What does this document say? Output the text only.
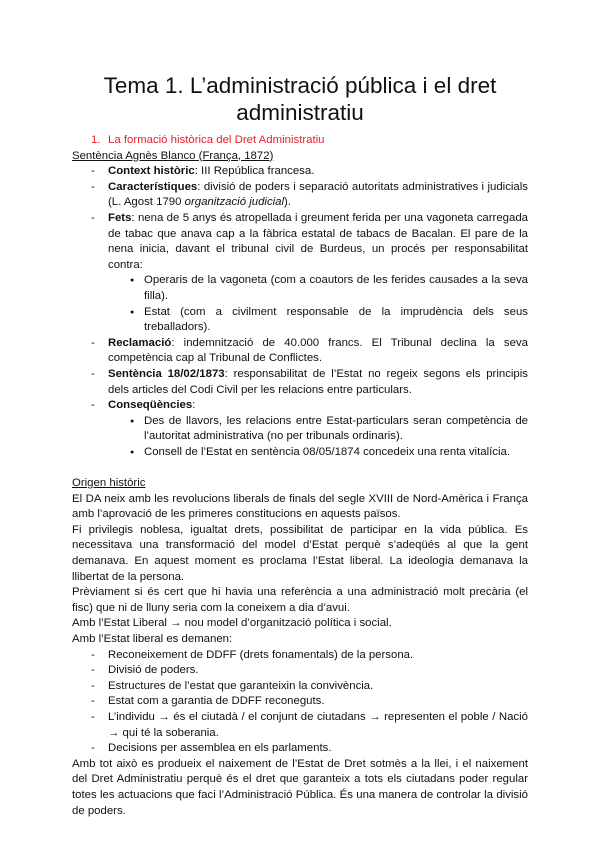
Tema 1. L’administració pública i el dret administratiu
1. La formació històrica del Dret Administratiu
Sentència Agnès Blanco (França, 1872)
- Context històric: III República francesa.
- Característiques: divisió de poders i separació autoritats administratives i judicials (L. Agost 1790 organització judicial).
- Fets: nena de 5 anys és atropellada i greument ferida per una vagoneta carregada de tabac que anava cap a la fàbrica estatal de tabacs de Bacalan. El pare de la nena inicia, davant el tribunal civil de Burdeus, un procés per responsabilitat contra:
● Operaris de la vagoneta (com a coautors de les ferides causades a la seva filla).
● Estat (com a civilment responsable de la imprudència dels seus treballadors).
- Reclamació: indemnització de 40.000 francs. El Tribunal declina la seva competència cap al Tribunal de Conflictes.
- Sentència 18/02/1873: responsabilitat de l’Estat no regeix segons els principis dels articles del Codi Civil per les relacions entre particulars.
- Conseqüències:
● Des de llavors, les relacions entre Estat-particulars seran competència de l’autoritat administrativa (no per tribunals ordinaris).
● Consell de l’Estat en sentència 08/05/1874 concedeix una renta vitalícia.
Origen històric
El DA neix amb les revolucions liberals de finals del segle XVIII de Nord-Amèrica i França amb l’aprovació de les primeres constitucions en aquests països.
Fi privilegis noblesa, igualtat drets, possibilitat de participar en la vida pública. Es necessitava una transformació del model d’Estat perquè s’adeqüés al que la gent demanava. En aquest moment es proclama l’Estat liberal. La ideologia demanava la llibertat de la persona.
Prèviament si és cert que hi havia una referència a una administració molt precària (el fisc) que ni de lluny seria com la coneixem a dia d’avui.
Amb l’Estat Liberal → nou model d’organització política i social.
Amb l’Estat liberal es demanen:
- Reconeixement de DDFF (drets fonamentals) de la persona.
- Divisió de poders.
- Estructures de l’estat que garanteixin la convivència.
- Estat com a garantia de DDFF reconeguts.
- L’individu → és el ciutadà / el conjunt de ciutadans → representen el poble / Nació → qui té la soberania.
- Decisions per assemblea en els parlaments.
Amb tot això es produeix el naixement de l’Estat de Dret sotmès a la llei, i el naixement del Dret Administratiu perquè és el dret que garanteix a tots els ciutadans poder regular totes les actuacions que faci l’Administració Pública. És una manera de controlar la divisió de poders.
